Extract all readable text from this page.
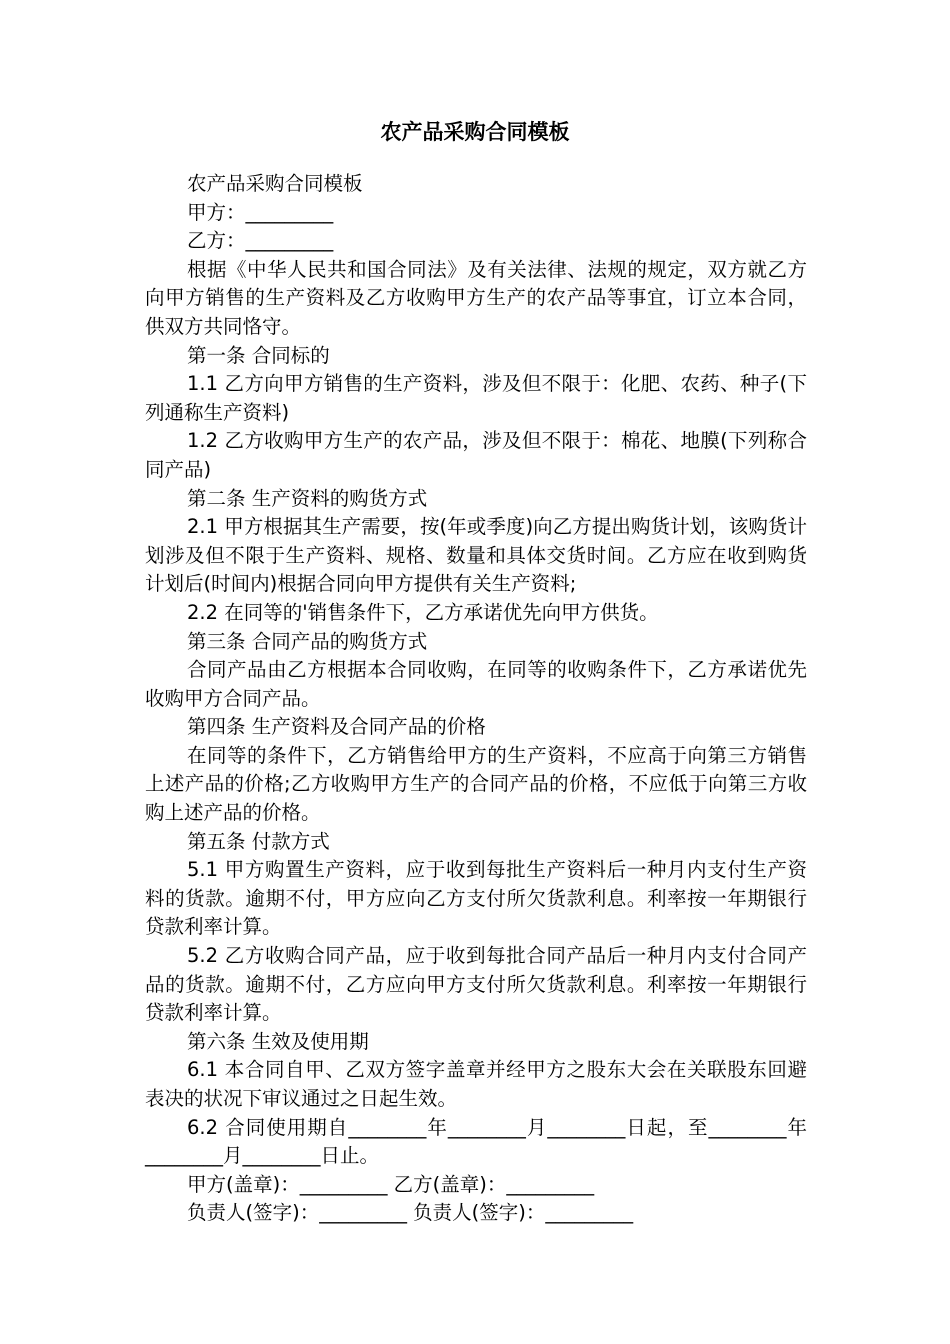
农产品采购合同模板

农产品采购合同模板

甲方：_________

乙方：_________

根据《中华人民共和国合同法》及有关法律、法规的规定，双方就乙方向甲方销售的生产资料及乙方收购甲方生产的农产品等事宜，订立本合同，供双方共同恪守。

第一条 合同标的

1.1 乙方向甲方销售的生产资料，涉及但不限于：化肥、农药、种子(下列通称生产资料)

1.2 乙方收购甲方生产的农产品，涉及但不限于：棉花、地膜(下列称合同产品)

第二条 生产资料的购货方式

2.1 甲方根据其生产需要，按(年或季度)向乙方提出购货计划，该购货计划涉及但不限于生产资料、规格、数量和具体交货时间。乙方应在收到购货计划后(时间内)根据合同向甲方提供有关生产资料;

2.2 在同等的'销售条件下，乙方承诺优先向甲方供货。

第三条 合同产品的购货方式

合同产品由乙方根据本合同收购，在同等的收购条件下，乙方承诺优先收购甲方合同产品。

第四条 生产资料及合同产品的价格

在同等的条件下，乙方销售给甲方的生产资料，不应高于向第三方销售上述产品的价格;乙方收购甲方生产的合同产品的价格，不应低于向第三方收购上述产品的价格。

第五条 付款方式

5.1 甲方购置生产资料，应于收到每批生产资料后一种月内支付生产资料的货款。逾期不付，甲方应向乙方支付所欠货款利息。利率按一年期银行贷款利率计算。

5.2 乙方收购合同产品，应于收到每批合同产品后一种月内支付合同产品的货款。逾期不付，乙方应向甲方支付所欠货款利息。利率按一年期银行贷款利率计算。

第六条 生效及使用期

6.1 本合同自甲、乙双方签字盖章并经甲方之股东大会在关联股东回避表决的状况下审议通过之日起生效。

6.2 合同使用期自________年________月________日起，至________年________月________日止。

甲方(盖章)：_________ 乙方(盖章)：_________

负责人(签字)：_________ 负责人(签字)：_________
